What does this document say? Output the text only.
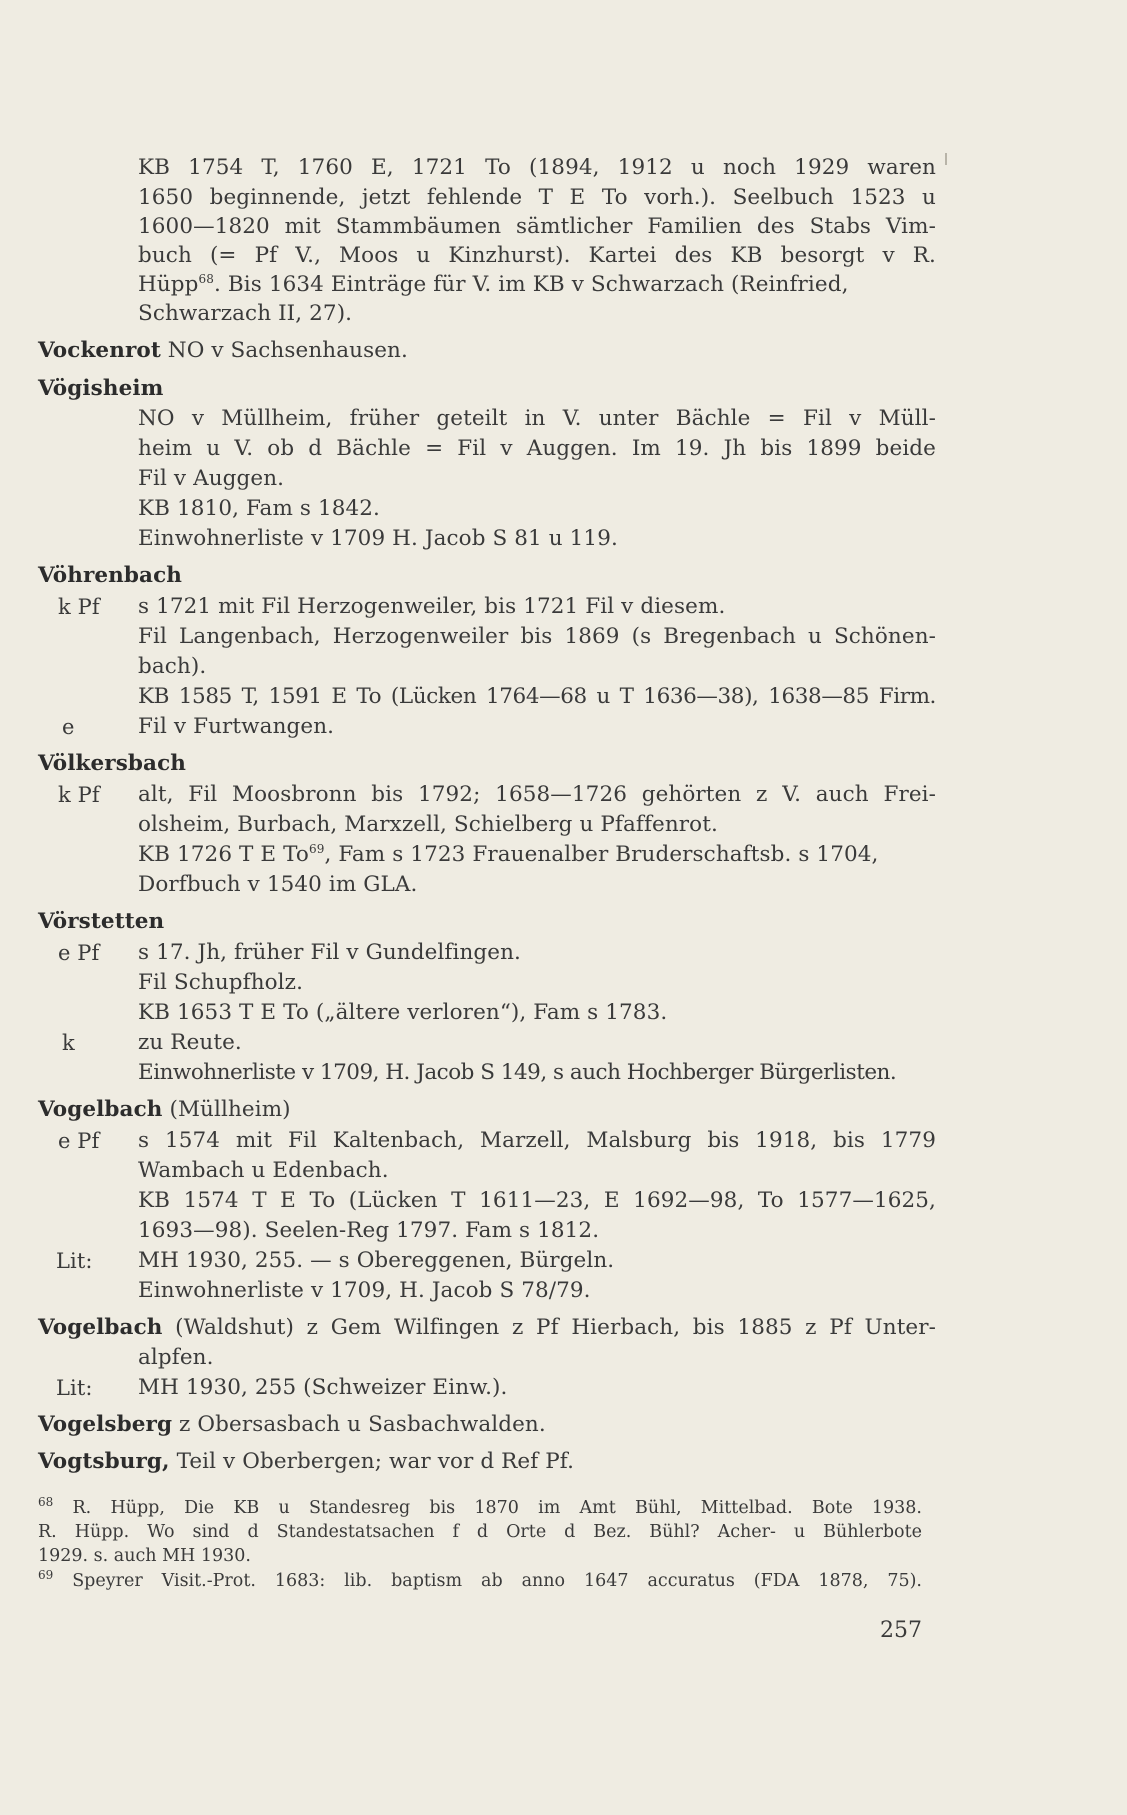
KB 1754 T, 1760 E, 1721 To (1894, 1912 u noch 1929 waren
1650 beginnende, jetzt fehlende T E To vorh.). Seelbuch 1523 u
1600—1820 mit Stammbäumen sämtlicher Familien des Stabs Vim-
buch (= Pf V., Moos u Kinzhurst). Kartei des KB besorgt v R.
Hüpp$^{68}$. Bis 1634 Einträge für V. im KB v Schwarzach (Reinfried,
Schwarzach II, 27).
Vockenrot NO v Sachsenhausen.
Vögisheim
NO v Müllheim, früher geteilt in V. unter Bächle = Fil v Müll-
heim u V. ob d Bächle = Fil v Auggen. Im 19. Jh bis 1899 beide
Fil v Auggen.
KB 1810, Fam s 1842.
Einwohnerliste v 1709 H. Jacob S 81 u 119.
Vöhrenbach
k Pf s 1721 mit Fil Herzogenweiler, bis 1721 Fil v diesem.
Fil Langenbach, Herzogenweiler bis 1869 (s Bregenbach u Schönen-
bach).
KB 1585 T, 1591 E To (Lücken 1764—68 u T 1636—38), 1638—85 Firm.
e	Fil v Furtwangen.
Völkersbach
k Pf alt, Fil Moosbronn bis 1792; 1658—1726 gehörten z V. auch Frei-
olsheim, Burbach, Marxzell, Schielberg u Pfaffenrot.
KB 1726 T E To$^{69}$, Fam s 1723 Frauenalber Bruderschaftsb. s 1704,
Dorfbuch v 1540 im GLA.
Vörstetten
e Pf s 17. Jh, früher Fil v Gundelfingen.
Fil Schupfholz.
KB 1653 T E To („ältere verloren“), Fam s 1783.
k	zu Reute.
Einwohnerliste v 1709, H. Jacob S 149, s auch Hochberger Bürgerlisten.
Vogelbach (Müllheim)
e Pf s 1574 mit Fil Kaltenbach, Marzell, Malsburg bis 1918, bis 1779
Wambach u Edenbach.
KB 1574 T E To (Lücken T 1611—23, E 1692—98, To 1577—1625,
1693—98). Seelen-Reg 1797. Fam s 1812.
Lit: MH 1930, 255. — s Obereggenen, Bürgeln.
Einwohnerliste v 1709, H. Jacob S 78/79.
Vogelbach (Waldshut) z Gem Wilfingen z Pf Hierbach, bis 1885 z Pf Unter-
alpfen.
Lit: MH 1930, 255 (Schweizer Einw.).
Vogelsberg z Obersasbach u Sasbachwalden.
Vogtsburg, Teil v Oberbergen; war vor d Ref Pf.
$^{68}$ R. Hüpp, Die KB u Standesreg bis 1870 im Amt Bühl, Mittelbad. Bote 1938.
R. Hüpp. Wo sind d Standestatsachen f d Orte d Bez. Bühl? Acher- u Bühlerbote
1929. s. auch MH 1930.
$^{69}$ Speyrer Visit.-Prot. 1683: lib. baptism ab anno 1647 accuratus (FDA 1878, 75).
257
